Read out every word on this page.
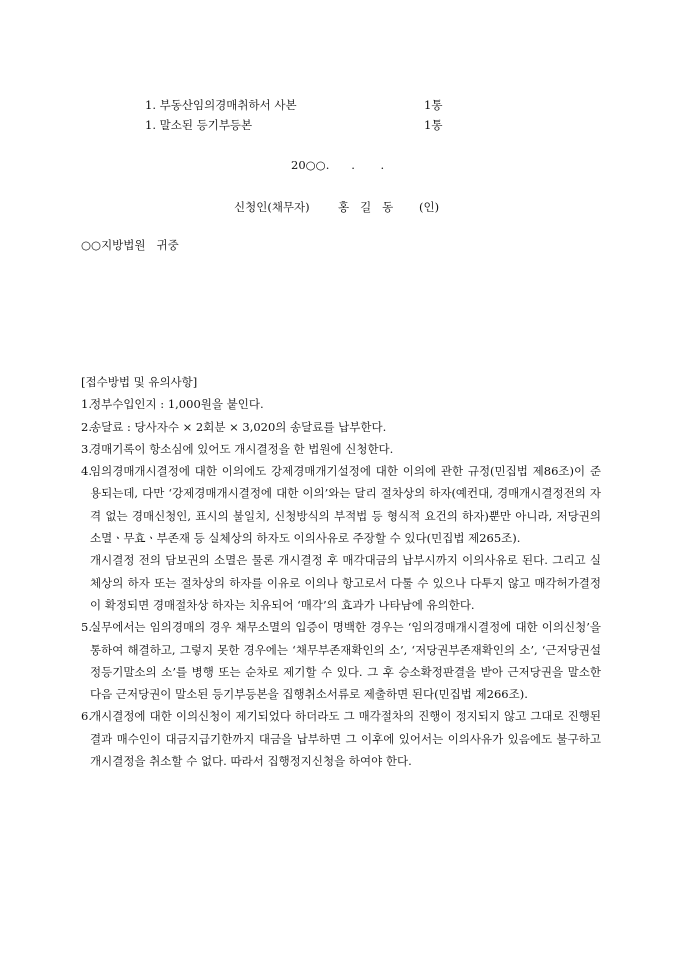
1. 부동산임의경매취하서 사본	1통
1. 말소된 등기부등본	1통
20○○.      .       .
신청인(채무자) 홍   길   동 (인)
○○지방법원   귀중
[접수방법 및 유의사항]
1.
정부수입인지 : 1,000원을 붙인다.
2.
송달료 : 당사자수 × 2회분 × 3,020의 송달료를 납부한다.
3.
경매기록이 항소심에 있어도 개시결정을 한 법원에 신청한다.
4.
임의경매개시결정에 대한 이의에도 강제경매개기설정에 대한 이의에 관한 규정(민집법 제86조)이 준용되는데, 다만 ‘강제경매개시결정에 대한 이의’와는 달리 절차상의 하자(예컨대, 경매개시결정전의 자격 없는 경매신청인, 표시의 불일치, 신청방식의 부적법 등 형식적 요건의 하자)뿐만 아니라, 저당권의 소멸ㆍ무효ㆍ부존재 등 실체상의 하자도 이의사유로 주장할 수 있다(민집법 제265조).
개시결정 전의 담보권의 소멸은 물론 개시결정 후 매각대금의 납부시까지 이의사유로 된다. 그리고 실체상의 하자 또는 절차상의 하자를 이유로 이의나 항고로서 다툴 수 있으나 다투지 않고 매각허가결정이 확정되면 경매절차상 하자는 치유되어 ‘매각’의 효과가 나타남에 유의한다.
5.
실무에서는 임의경매의 경우 채무소멸의 입증이 명백한 경우는 ‘임의경매개시결정에 대한 이의신청’을 통하여 해결하고, 그렇지 못한 경우에는 ‘채무부존재확인의 소’, ‘저당권부존재확인의 소’, ‘근저당권설정등기말소의 소’를 병행 또는 순차로 제기할 수 있다. 그 후 승소확정판결을 받아 근저당권을 말소한 다음 근저당권이 말소된 등기부등본을 집행취소서류로 제출하면 된다(민집법 제266조).
6.
개시결정에 대한 이의신청이 제기되었다 하더라도 그 매각절차의 진행이 정지되지 않고 그대로 진행된 결과 매수인이 대금지급기한까지 대금을 납부하면 그 이후에 있어서는 이의사유가 있음에도 불구하고 개시결정을 취소할 수 없다. 따라서 집행정지신청을 하여야 한다.
